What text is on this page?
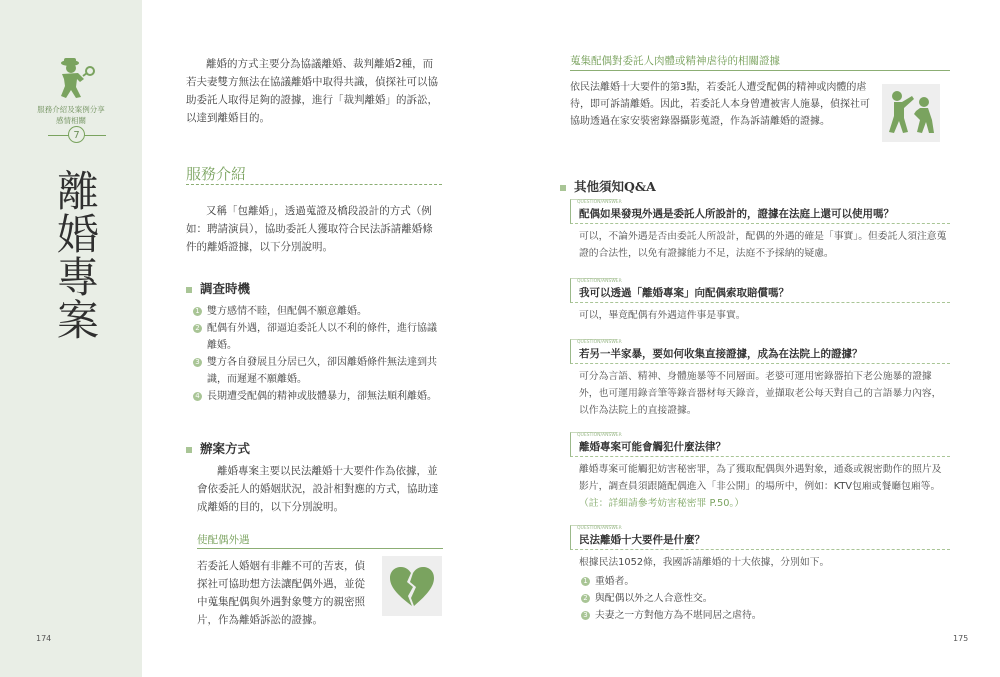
服務介紹及案例分享
感情相關
7
離婚專案
174

離婚的方式主要分為協議離婚、裁判離婚2種，而若夫妻雙方無法在協議離婚中取得共識，偵探社可以協助委託人取得足夠的證據，進行「裁判離婚」的訴訟，以達到離婚目的。

服務介紹

又稱「包離婚」，透過蒐證及橋段設計的方式（例如：聘請演員），協助委託人獲取符合民法訴請離婚條件的離婚證據，以下分別說明。

調查時機
1 雙方感情不睦，但配偶不願意離婚。
2 配偶有外遇，卻逼迫委託人以不利的條件，進行協議離婚。
3 雙方各自發展且分居已久，卻因離婚條件無法達到共識，而遲遲不願離婚。
4 長期遭受配偶的精神或肢體暴力，卻無法順利離婚。
辦案方式

離婚專案主要以民法離婚十大要件作為依據，並會依委託人的婚姻狀況，設計相對應的方式，協助達成離婚的目的，以下分別說明。

使配偶外遇

若委託人婚姻有非離不可的苦衷，偵探社可協助想方法讓配偶外遇，並從中蒐集配偶與外遇對象雙方的親密照片，作為離婚訴訟的證據。

蒐集配偶對委託人肉體或精神虐待的相關證據

依民法離婚十大要件的第3點，若委託人遭受配偶的精神或肉體的虐待，即可訴請離婚。因此，若委託人本身曾遭被害人施暴，偵探社可協助透過在家安裝密錄器攝影蒐證，作為訴請離婚的證據。

其他須知Q&A
QUESTION/ANSWER
配偶如果發現外遇是委託人所設計的，證據在法庭上還可以使用嗎？
可以，不論外遇是否由委託人所設計，配偶的外遇的確是「事實」。但委託人須注意蒐證的合法性，以免有證據能力不足，法庭不予採納的疑慮。
QUESTION/ANSWER
我可以透過「離婚專案」向配偶索取賠償嗎？
可以，畢竟配偶有外遇這件事是事實。
QUESTION/ANSWER
若另一半家暴，要如何收集直接證據，成為在法院上的證據？
可分為言語、精神、身體施暴等不同層面。老婆可運用密錄器拍下老公施暴的證據外，也可運用錄音筆等錄音器材每天錄音，並擷取老公每天對自己的言語暴力內容，以作為法院上的直接證據。
QUESTION/ANSWER
離婚專案可能會觸犯什麼法律？
離婚專案可能觸犯妨害秘密罪，為了獲取配偶與外遇對象，通姦或親密動作的照片及影片，調查員須跟隨配偶進入「非公開」的場所中，例如：KTV包廂或餐廳包廂等。（註：詳細請參考妨害秘密罪 P.50。）
QUESTION/ANSWER
民法離婚十大要件是什麼？
根據民法1052條，我國訴請離婚的十大依據，分別如下。
1 重婚者。
2 與配偶以外之人合意性交。
3 夫妻之一方對他方為不堪同居之虐待。
175
